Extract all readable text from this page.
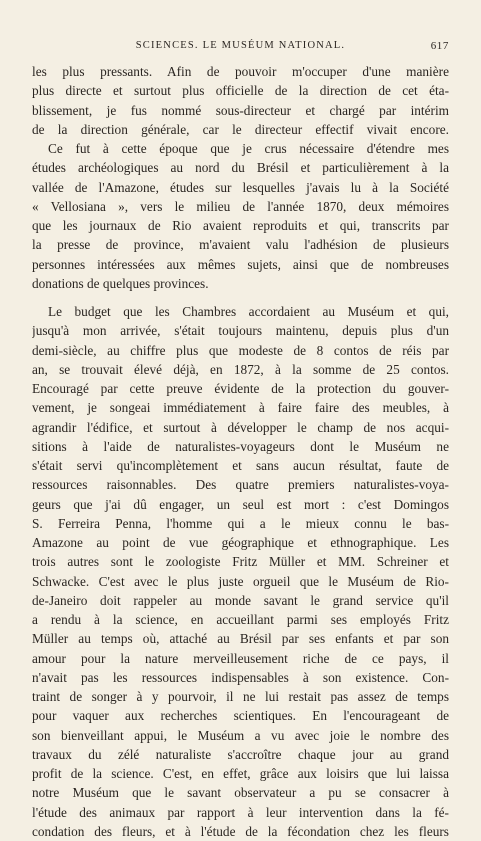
SCIENCES. LE MUSÉUM NATIONAL.	617
les plus pressants. Afin de pouvoir m'occuper d'une manière
plus directe et surtout plus officielle de la direction de cet éta-
blissement, je fus nommé sous-directeur et chargé par intérim
de la direction générale, car le directeur effectif vivait encore.
Ce fut à cette époque que je crus nécessaire d'étendre mes
études archéologiques au nord du Brésil et particulièrement à la
vallée de l'Amazone, études sur lesquelles j'avais lu à la Société
« Vellosiana », vers le milieu de l'année 1870, deux mémoires
que les journaux de Rio avaient reproduits et qui, transcrits par
la presse de province, m'avaient valu l'adhésion de plusieurs
personnes intéressées aux mêmes sujets, ainsi que de nombreuses
donations de quelques provinces.
Le budget que les Chambres accordaient au Muséum et qui,
jusqu'à mon arrivée, s'était toujours maintenu, depuis plus d'un
demi-siècle, au chiffre plus que modeste de 8 contos de réis par
an, se trouvait élevé déjà, en 1872, à la somme de 25 contos.
Encouragé par cette preuve évidente de la protection du gouver-
vement, je songeai immédiatement à faire faire des meubles, à
agrandir l'édifice, et surtout à développer le champ de nos acqui-
sitions à l'aide de naturalistes-voyageurs dont le Muséum ne
s'était servi qu'incomplètement et sans aucun résultat, faute de
ressources raisonnables. Des quatre premiers naturalistes-voya-
geurs que j'ai dû engager, un seul est mort : c'est Domingos
S. Ferreira Penna, l'homme qui a le mieux connu le bas-
Amazone au point de vue géographique et ethnographique. Les
trois autres sont le zoologiste Fritz Müller et MM. Schreiner et
Schwacke. C'est avec le plus juste orgueil que le Muséum de Rio-
de-Janeiro doit rappeler au monde savant le grand service qu'il
a rendu à la science, en accueillant parmi ses employés Fritz
Müller au temps où, attaché au Brésil par ses enfants et par son
amour pour la nature merveilleusement riche de ce pays, il
n'avait pas les ressources indispensables à son existence. Con-
traint de songer à y pourvoir, il ne lui restait pas assez de temps
pour vaquer aux recherches scientiques. En l'encourageant de
son bienveillant appui, le Muséum a vu avec joie le nombre des
travaux du zélé naturaliste s'accroître chaque jour au grand
profit de la science. C'est, en effet, grâce aux loisirs que lui laissa
notre Muséum que le savant observateur a pu se consacrer à
l'étude des animaux par rapport à leur intervention dans la fé-
condation des fleurs, et à l'étude de la fécondation chez les fleurs
